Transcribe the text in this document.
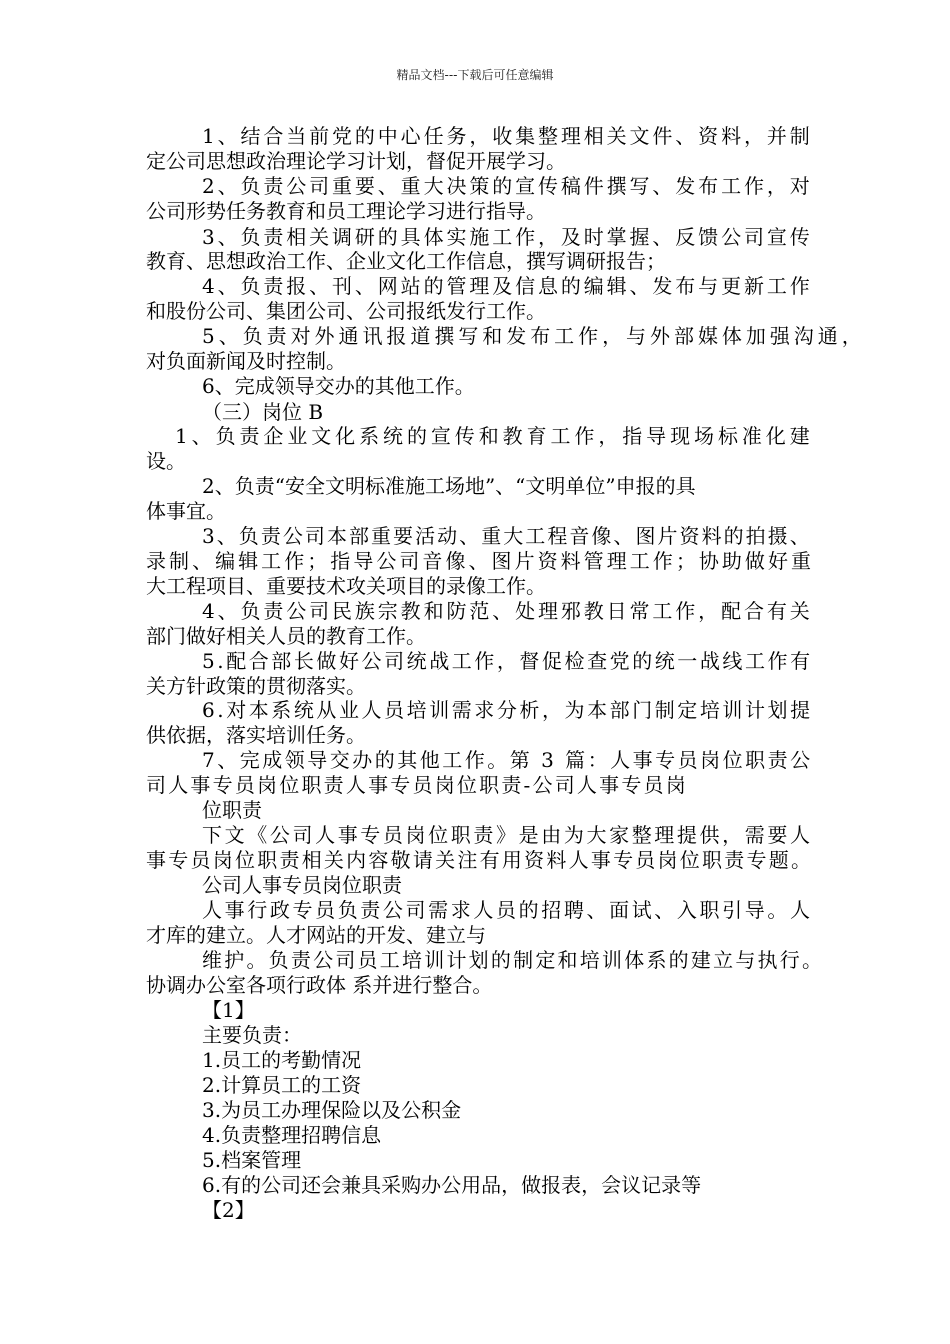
精品文档---下载后可任意编辑
1、结合当前党的中心任务，收集整理相关文件、资料，并制
定公司思想政治理论学习计划，督促开展学习。
2、负责公司重要、重大决策的宣传稿件撰写、发布工作，对
公司形势任务教育和员工理论学习进行指导。
3、负责相关调研的具体实施工作，及时掌握、反馈公司宣传
教育、思想政治工作、企业文化工作信息，撰写调研报告；
4、负责报、刊、网站的管理及信息的编辑、发布与更新工作
和股份公司、集团公司、公司报纸发行工作。
5、负责对外通讯报道撰写和发布工作，与外部媒体加强沟通，
对负面新闻及时控制。
6、完成领导交办的其他工作。
（三）岗位 B
1、负责企业文化系统的宣传和教育工作，指导现场标准化建
设。
2、负责“安全文明标准施工场地”、“文明单位”申报的具
体事宜。
3、负责公司本部重要活动、重大工程音像、图片资料的拍摄、
录制、编辑工作；指导公司音像、图片资料管理工作；协助做好重
大工程项目、重要技术攻关项目的录像工作。
4、负责公司民族宗教和防范、处理邪教日常工作，配合有关
部门做好相关人员的教育工作。
5.配合部长做好公司统战工作，督促检查党的统一战线工作有
关方针政策的贯彻落实。
6.对本系统从业人员培训需求分析，为本部门制定培训计划提
供依据，落实培训任务。
7、完成领导交办的其他工作。第 3 篇：人事专员岗位职责公
司人事专员岗位职责人事专员岗位职责-公司人事专员岗
位职责
下文《公司人事专员岗位职责》是由为大家整理提供，需要人
事专员岗位职责相关内容敬请关注有用资料人事专员岗位职责专题。
公司人事专员岗位职责
人事行政专员负责公司需求人员的招聘、面试、入职引导。人
才库的建立。人才网站的开发、建立与
维护。负责公司员工培训计划的制定和培训体系的建立与执行。
协调办公室各项行政体 系并进行整合。
【1】
主要负责：
1.员工的考勤情况
2.计算员工的工资
3.为员工办理保险以及公积金
4.负责整理招聘信息
5.档案管理
6.有的公司还会兼具采购办公用品，做报表，会议记录等
【2】
